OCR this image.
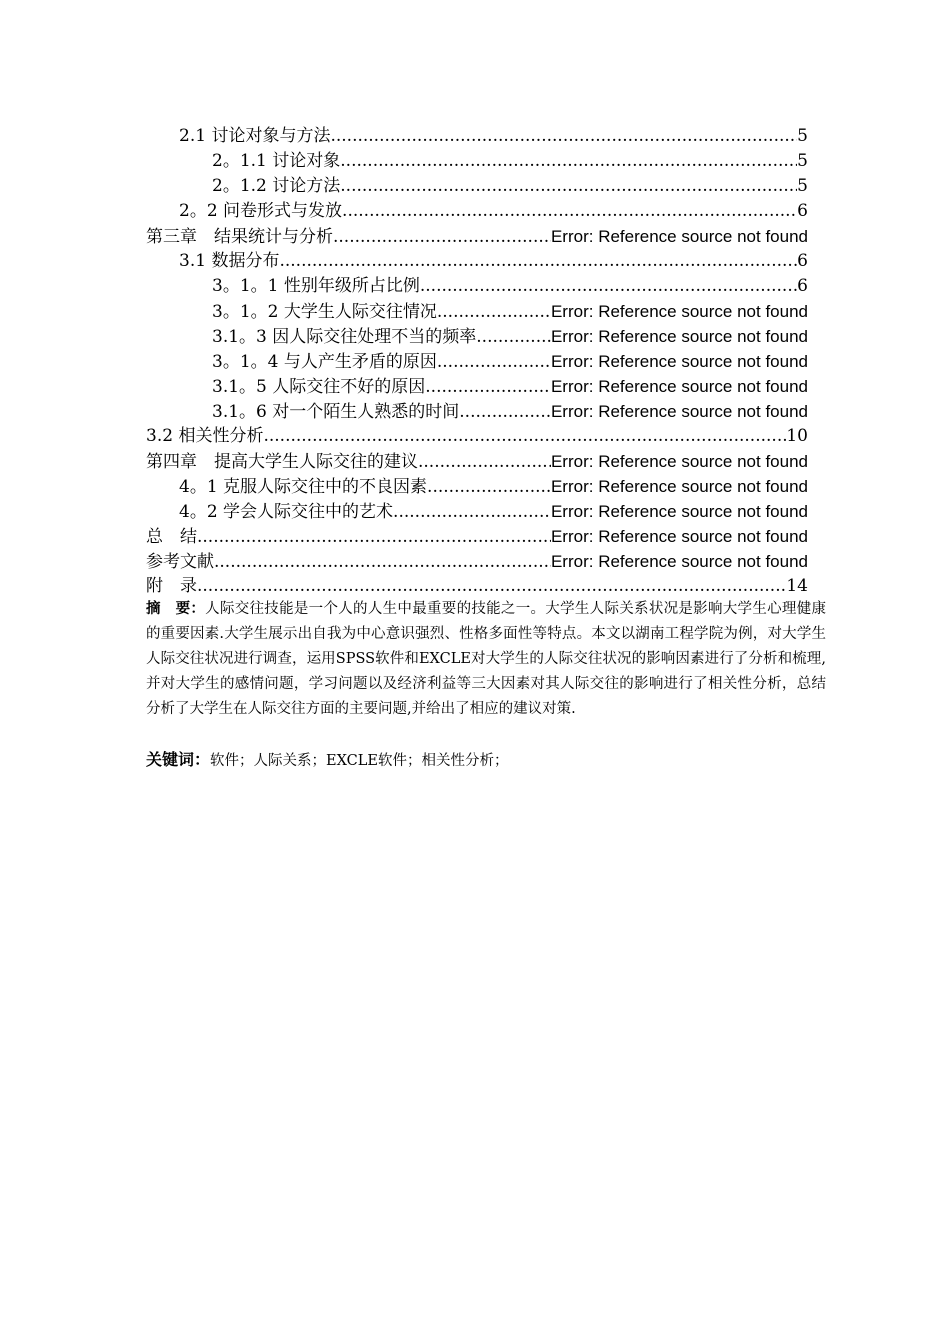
2.1 讨论对象与方法 .....	5
2。1.1 讨论对象 .....	5
2。1.2 讨论方法 .....	5
2。2 问卷形式与发放 .....	6
第三章　结果统计与分析 .....	Error: Reference source not found
3.1 数据分布 .....	6
3。1。1 性别年级所占比例 .....	6
3。1。2 大学生人际交往情况 .....	Error: Reference source not found
3.1。3 因人际交往处理不当的频率 .....	Error: Reference source not found
3。1。4 与人产生矛盾的原因 .....	Error: Reference source not found
3.1。5 人际交往不好的原因 .....	Error: Reference source not found
3.1。6 对一个陌生人熟悉的时间 .....	Error: Reference source not found
3.2 相关性分析 .....	10
第四章　提高大学生人际交往的建议 .....	Error: Reference source not found
4。1 克服人际交往中的不良因素 .....	Error: Reference source not found
4。2 学会人际交往中的艺术 .....	Error: Reference source not found
总　结 .....	Error: Reference source not found
参考文献 .....	Error: Reference source not found
附　录 .....	14
摘　要：人际交往技能是一个人的人生中最重要的技能之一。大学生人际关系状况是影响大学生心理健康的重要因素.大学生展示出自我为中心意识强烈、性格多面性等特点。本文以湖南工程学院为例，对大学生人际交往状况进行调查，运用SPSS软件和EXCLE对大学生的人际交往状况的影响因素进行了分析和梳理,并对大学生的感情问题，学习问题以及经济利益等三大因素对其人际交往的影响进行了相关性分析，总结分析了大学生在人际交往方面的主要问题,并给出了相应的建议对策.
关键词：软件；人际关系；EXCLE软件；相关性分析；
